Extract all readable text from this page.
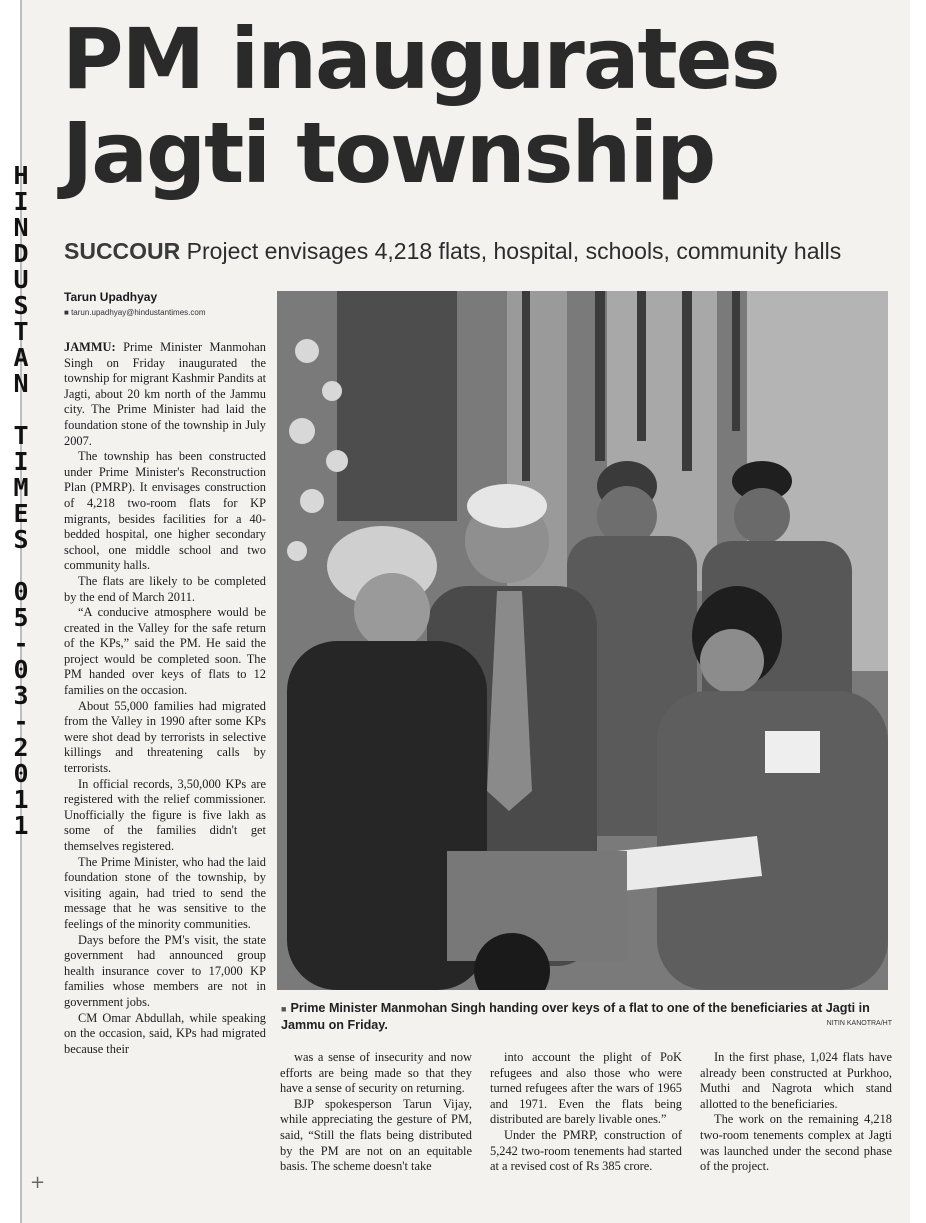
H
I
N
D
U
S
T
A
N
T
I
M
E
S
0
5
-
0
3
-
2
0
1
1
PM inaugurates
Jagti township
SUCCOUR Project envisages 4,218 flats, hospital, schools, community halls
Tarun Upadhyay
■ tarun.upadhyay@hindustantimes.com

JAMMU: Prime Minister Manmohan Singh on Friday inaugurated the township for migrant Kashmir Pandits at Jagti, about 20 km north of the Jammu city. The Prime Minister had laid the foundation stone of the township in July 2007.

The township has been constructed under Prime Minister's Reconstruction Plan (PMRP). It envisages construction of 4,218 two-room flats for KP migrants, besides facilities for a 40-bedded hospital, one higher secondary school, one middle school and two community halls.

The flats are likely to be completed by the end of March 2011.

“A conducive atmosphere would be created in the Valley for the safe return of the KPs,” said the PM. He said the project would be completed soon. The PM handed over keys of flats to 12 families on the occasion.

About 55,000 families had migrated from the Valley in 1990 after some KPs were shot dead by terrorists in selective killings and threatening calls by terrorists.

In official records, 3,50,000 KPs are registered with the relief commissioner. Unofficially the figure is five lakh as some of the families didn't get themselves registered.

The Prime Minister, who had the laid foundation stone of the township, by visiting again, had tried to send the message that he was sensitive to the feelings of the minority communities.

Days before the PM's visit, the state government had announced group health insurance cover to 17,000 KP families whose members are not in government jobs.

CM Omar Abdullah, while speaking on the occasion, said, KPs had migrated because their

■ Prime Minister Manmohan Singh handing over keys of a flat to one of the beneficiaries at Jagti in Jammu on Friday.	NITIN KANOTRA/HT

was a sense of insecurity and now efforts are being made so that they have a sense of security on returning.

BJP spokesperson Tarun Vijay, while appreciating the gesture of PM, said, “Still the flats being distributed by the PM are not on an equitable basis. The scheme doesn't take

into account the plight of PoK refugees and also those who were turned refugees after the wars of 1965 and 1971. Even the flats being distributed are barely livable ones.”

Under the PMRP, construction of 5,242 two-room tenements had started at a revised cost of Rs 385 crore.

In the first phase, 1,024 flats have already been constructed at Purkhoo, Muthi and Nagrota which stand allotted to the beneficiaries.

The work on the remaining 4,218 two-room tenements complex at Jagti was launched under the second phase of the project.

+
